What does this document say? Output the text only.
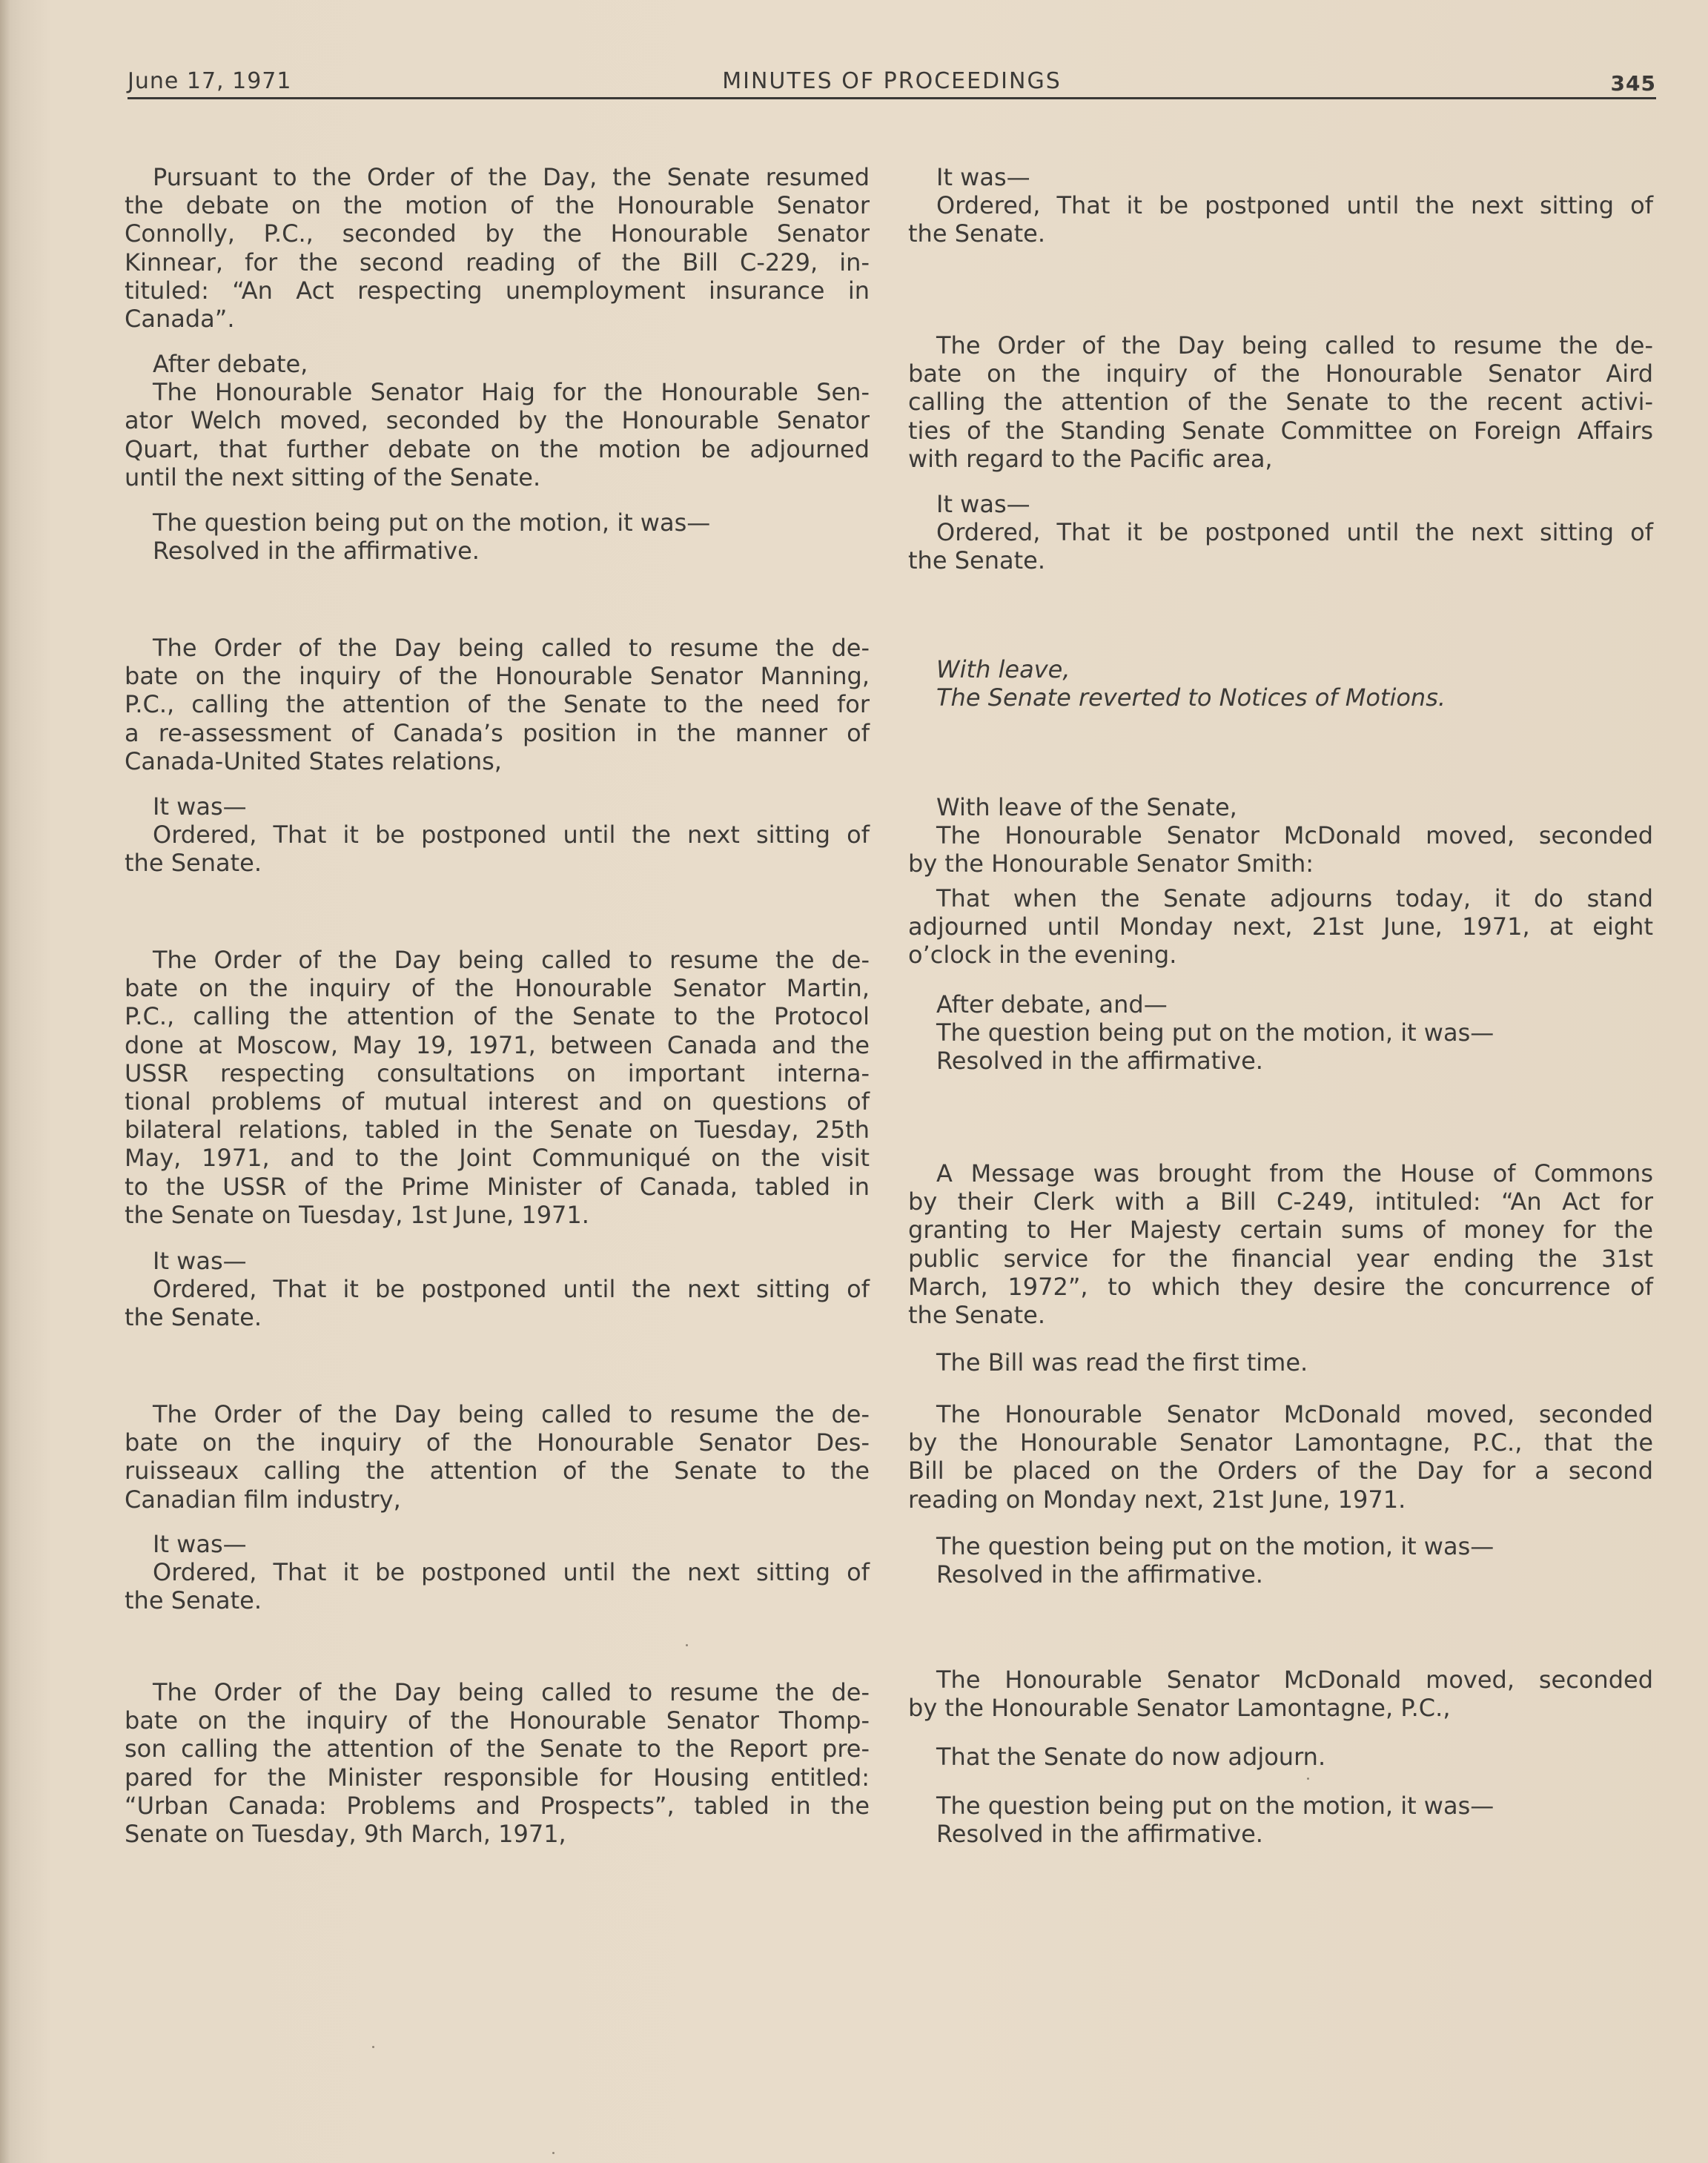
June 17, 1971	MINUTES OF PROCEEDINGS	345
Pursuant to the Order of the Day, the Senate resumed
the debate on the motion of the Honourable Senator
Connolly, P.C., seconded by the Honourable Senator
Kinnear, for the second reading of the Bill C-229, in-
tituled: “An Act respecting unemployment insurance in
Canada”.
After debate,
The Honourable Senator Haig for the Honourable Sen-
ator Welch moved, seconded by the Honourable Senator
Quart, that further debate on the motion be adjourned
until the next sitting of the Senate.
The question being put on the motion, it was—
Resolved in the affirmative.
The Order of the Day being called to resume the de-
bate on the inquiry of the Honourable Senator Manning,
P.C., calling the attention of the Senate to the need for
a re-assessment of Canada’s position in the manner of
Canada-United States relations,
It was—
Ordered, That it be postponed until the next sitting of
the Senate.
The Order of the Day being called to resume the de-
bate on the inquiry of the Honourable Senator Martin,
P.C., calling the attention of the Senate to the Protocol
done at Moscow, May 19, 1971, between Canada and the
USSR respecting consultations on important interna-
tional problems of mutual interest and on questions of
bilateral relations, tabled in the Senate on Tuesday, 25th
May, 1971, and to the Joint Communiqué on the visit
to the USSR of the Prime Minister of Canada, tabled in
the Senate on Tuesday, 1st June, 1971.
It was—
Ordered, That it be postponed until the next sitting of
the Senate.
The Order of the Day being called to resume the de-
bate on the inquiry of the Honourable Senator Des-
ruisseaux calling the attention of the Senate to the
Canadian film industry,
It was—
Ordered, That it be postponed until the next sitting of
the Senate.
The Order of the Day being called to resume the de-
bate on the inquiry of the Honourable Senator Thomp-
son calling the attention of the Senate to the Report pre-
pared for the Minister responsible for Housing entitled:
“Urban Canada: Problems and Prospects”, tabled in the
Senate on Tuesday, 9th March, 1971,
It was—
Ordered, That it be postponed until the next sitting of
the Senate.
The Order of the Day being called to resume the de-
bate on the inquiry of the Honourable Senator Aird
calling the attention of the Senate to the recent activi-
ties of the Standing Senate Committee on Foreign Affairs
with regard to the Pacific area,
It was—
Ordered, That it be postponed until the next sitting of
the Senate.
With leave,
The Senate reverted to Notices of Motions.
With leave of the Senate,
The Honourable Senator McDonald moved, seconded
by the Honourable Senator Smith:
That when the Senate adjourns today, it do stand
adjourned until Monday next, 21st June, 1971, at eight
o’clock in the evening.
After debate, and—
The question being put on the motion, it was—
Resolved in the affirmative.
A Message was brought from the House of Commons
by their Clerk with a Bill C-249, intituled: “An Act for
granting to Her Majesty certain sums of money for the
public service for the financial year ending the 31st
March, 1972”, to which they desire the concurrence of
the Senate.
The Bill was read the first time.
The Honourable Senator McDonald moved, seconded
by the Honourable Senator Lamontagne, P.C., that the
Bill be placed on the Orders of the Day for a second
reading on Monday next, 21st June, 1971.
The question being put on the motion, it was—
Resolved in the affirmative.
The Honourable Senator McDonald moved, seconded
by the Honourable Senator Lamontagne, P.C.,
That the Senate do now adjourn.
The question being put on the motion, it was—
Resolved in the affirmative.
